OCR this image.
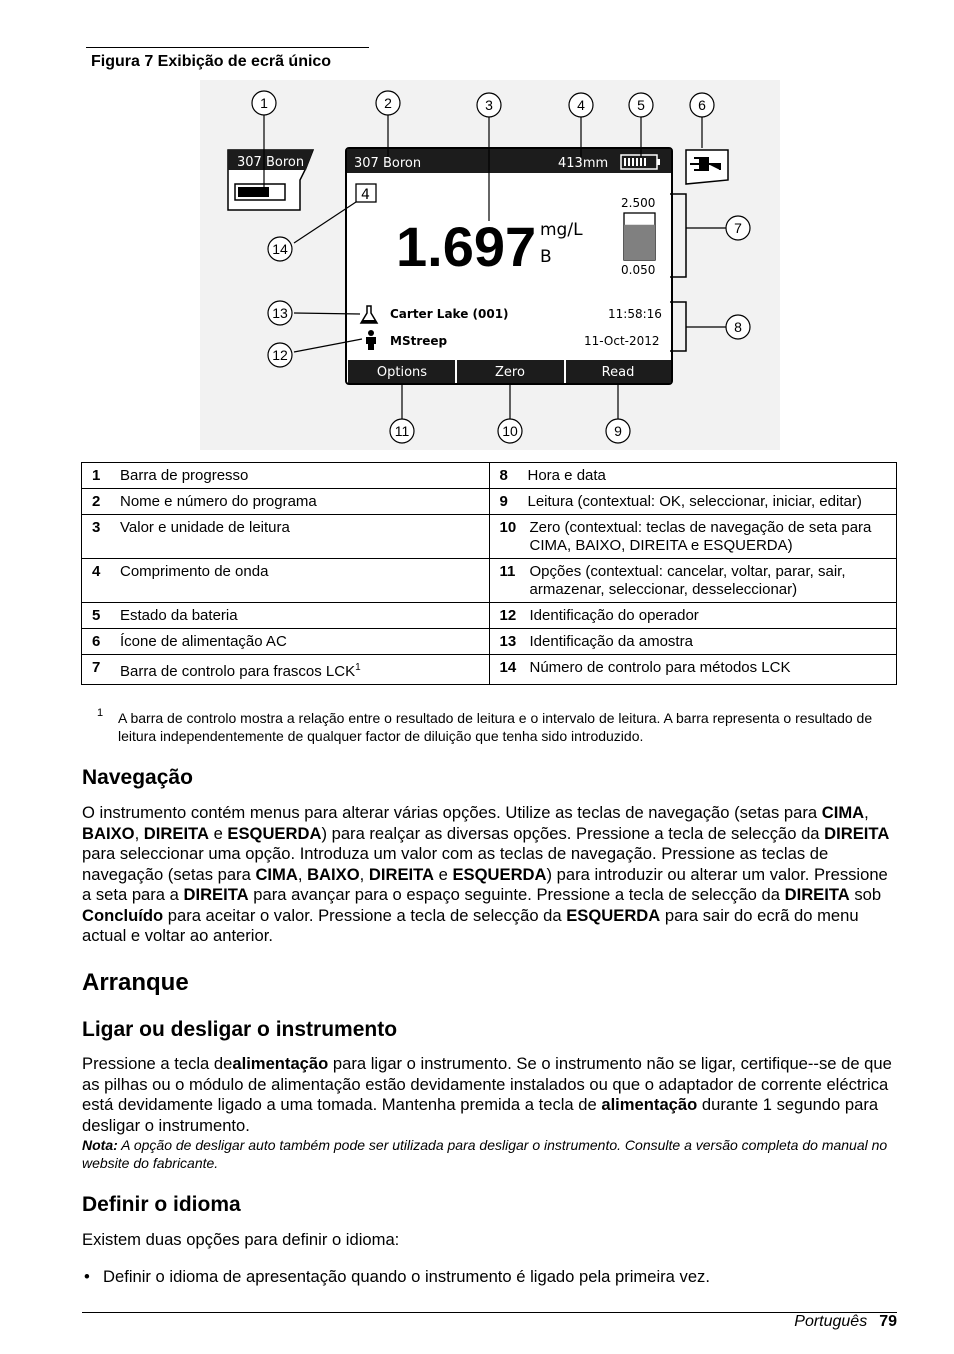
Figura 7 Exibição de ecrã único
307 Boron	307 Boron	413mm
4
1.697 mg/L
B
2.500
0.050
Carter Lake (001)	11:58:16
MStreep	11-Oct-2012
Options	Zero	Read
1	2	3	4	5	6
7
8
9
10
11
12
13
14
1 Barra de progresso	8 Hora e data

2 Nome e número do programa	9 Leitura (contextual: OK, seleccionar, iniciar, editar)

3 Valor e unidade de leitura	10 Zero (contextual: teclas de navegação de seta para CIMA, BAIXO, DIREITA e ESQUERDA)

4 Comprimento de onda	11 Opções (contextual: cancelar, voltar, parar, sair, armazenar, seleccionar, desseleccionar)

5 Estado da bateria	12 Identificação do operador

6 Ícone de alimentação AC	13 Identificação da amostra

7 Barra de controlo para frascos LCK$^1$	14 Número de controlo para métodos LCK
1 A barra de controlo mostra a relação entre o resultado de leitura e o intervalo de leitura. A barra representa o resultado de leitura independentemente de qualquer factor de diluição que tenha sido introduzido.
Navegação
O instrumento contém menus para alterar várias opções. Utilize as teclas de navegação (setas para CIMA, BAIXO, DIREITA e ESQUERDA) para realçar as diversas opções. Pressione a tecla de selecção da DIREITA para seleccionar uma opção. Introduza um valor com as teclas de navegação. Pressione as teclas de navegação (setas para CIMA, BAIXO, DIREITA e ESQUERDA) para introduzir ou alterar um valor. Pressione a seta para a DIREITA para avançar para o espaço seguinte. Pressione a tecla de selecção da DIREITA sob Concluído para aceitar o valor. Pressione a tecla de selecção da ESQUERDA para sair do ecrã do menu actual e voltar ao anterior.
Arranque
Ligar ou desligar o instrumento
Pressione a tecla dealimentação para ligar o instrumento. Se o instrumento não se ligar, certifique--se de que as pilhas ou o módulo de alimentação estão devidamente instalados ou que o adaptador de corrente eléctrica está devidamente ligado a uma tomada. Mantenha premida a tecla de alimentação durante 1 segundo para desligar o instrumento.
Nota: A opção de desligar auto também pode ser utilizada para desligar o instrumento. Consulte a versão completa do manual no website do fabricante.
Definir o idioma
Existem duas opções para definir o idioma:
• Definir o idioma de apresentação quando o instrumento é ligado pela primeira vez.
Português 79
